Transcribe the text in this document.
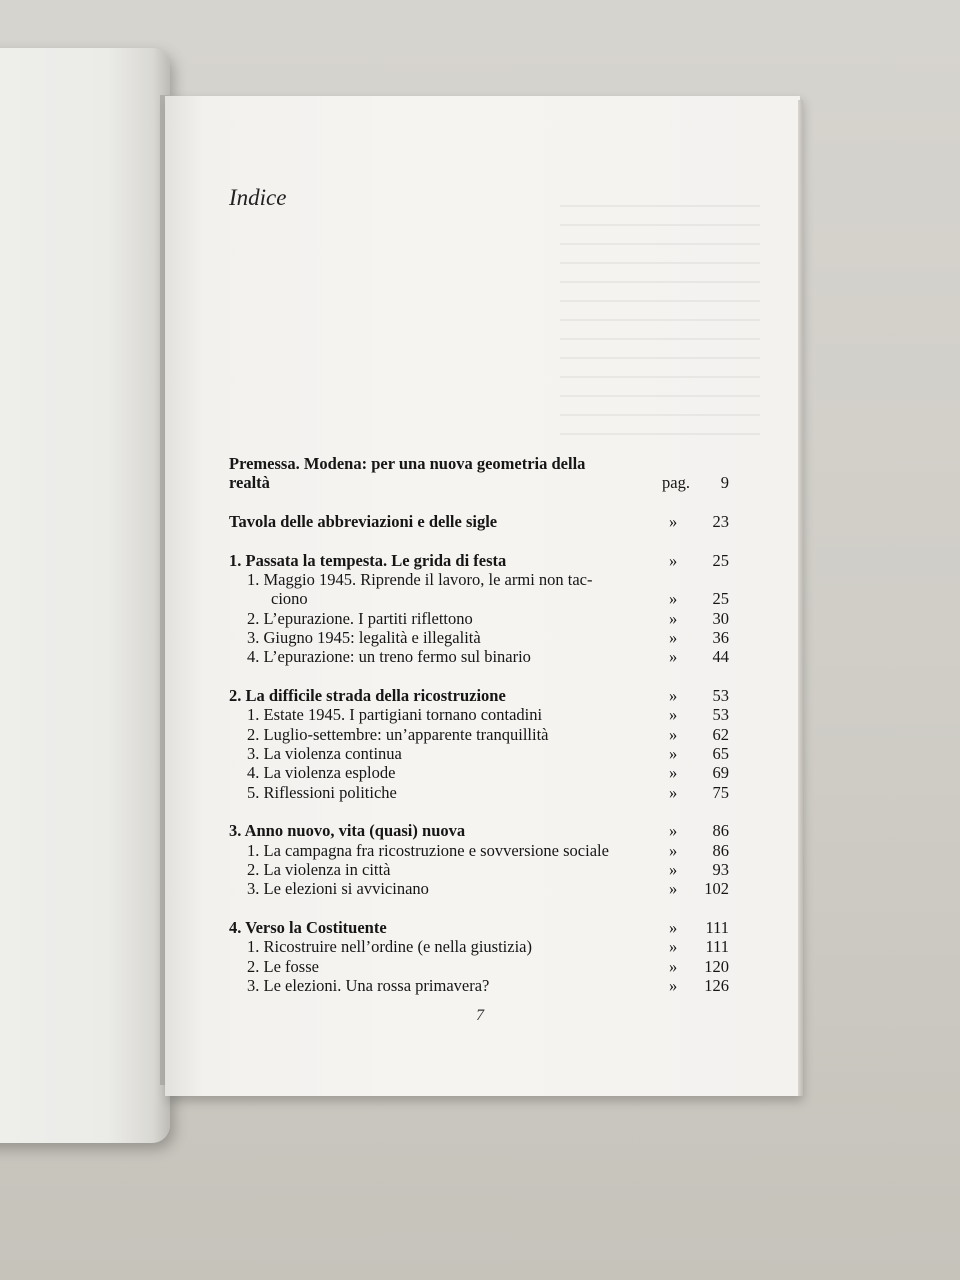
Indice
Premessa. Modena: per una nuova geometria della
realtà	pag. 9
Tavola delle abbreviazioni e delle sigle	» 23
1. Passata la tempesta. Le grida di festa	» 25
1. Maggio 1945. Riprende il lavoro, le armi non tac-
ciono	» 25
2. L’epurazione. I partiti riflettono	» 30
3. Giugno 1945: legalità e illegalità	» 36
4. L’epurazione: un treno fermo sul binario	» 44
2. La difficile strada della ricostruzione	» 53
1. Estate 1945. I partigiani tornano contadini	» 53
2. Luglio-settembre: un’apparente tranquillità	» 62
3. La violenza continua	» 65
4. La violenza esplode	» 69
5. Riflessioni politiche	» 75
3. Anno nuovo, vita (quasi) nuova	» 86
1. La campagna fra ricostruzione e sovversione sociale	» 86
2. La violenza in città	» 93
3. Le elezioni si avvicinano	» 102
4. Verso la Costituente	» 111
1. Ricostruire nell’ordine (e nella giustizia)	» 111
2. Le fosse	» 120
3. Le elezioni. Una rossa primavera?	» 126
7
